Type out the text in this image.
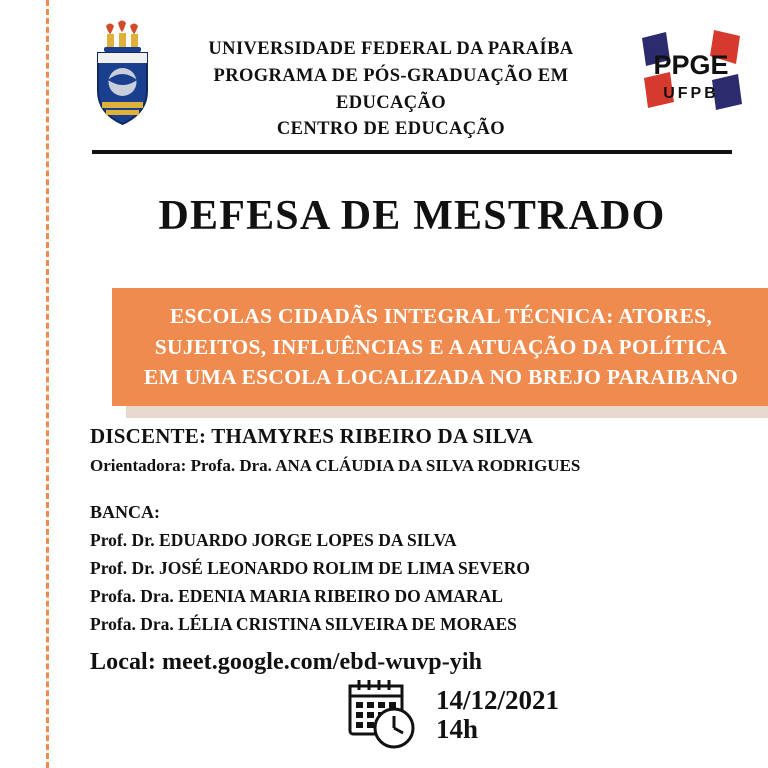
UNIVERSIDADE FEDERAL DA PARAÍBA
PROGRAMA DE PÓS-GRADUAÇÃO EM EDUCAÇÃO
CENTRO DE EDUCAÇÃO
PPGE
UFPB
DEFESA DE MESTRADO
ESCOLAS CIDADÃS INTEGRAL TÉCNICA: ATORES,
SUJEITOS, INFLUÊNCIAS E A ATUAÇÃO DA POLÍTICA
EM UMA ESCOLA LOCALIZADA NO BREJO PARAIBANO
DISCENTE: THAMYRES RIBEIRO DA SILVA
Orientadora: Profa. Dra. ANA CLÁUDIA DA SILVA RODRIGUES
BANCA:
Prof. Dr. EDUARDO JORGE LOPES DA SILVA
Prof. Dr. JOSÉ LEONARDO ROLIM DE LIMA SEVERO
Profa. Dra. EDENIA MARIA RIBEIRO DO AMARAL
Profa. Dra. LÉLIA CRISTINA SILVEIRA DE MORAES
Local: meet.google.com/ebd-wuvp-yih
14/12/2021
14h
